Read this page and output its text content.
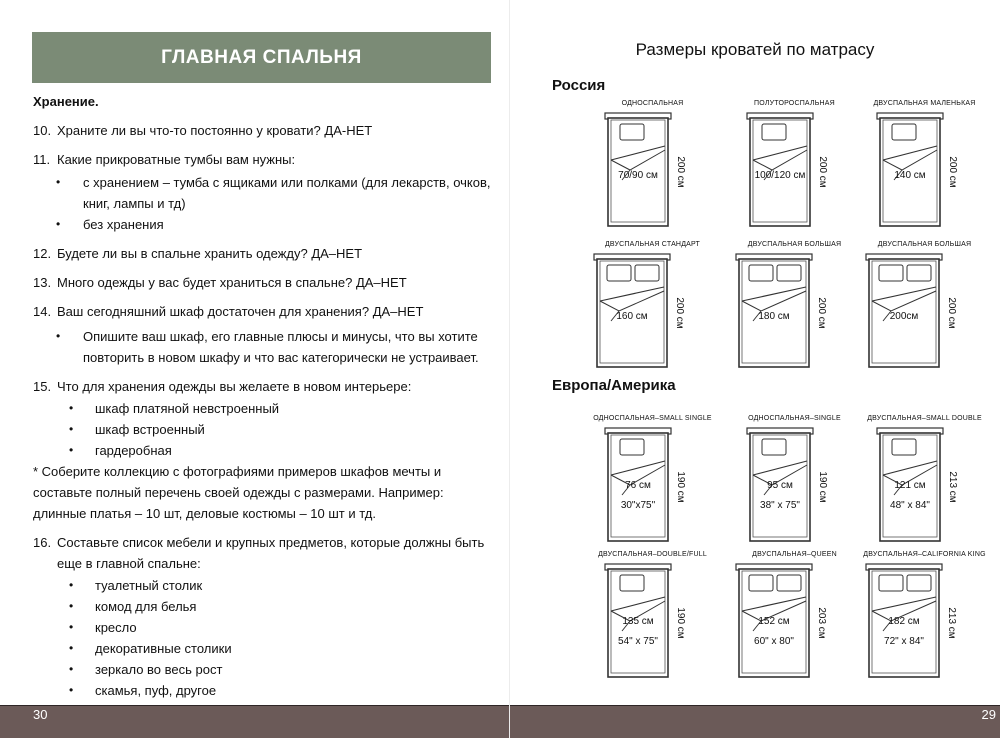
ГЛАВНАЯ СПАЛЬНЯ

Хранение.

10. Храните ли вы что-то постоянно у кровати? ДА-НЕТ

11. Какие прикроватные тумбы вам нужны:

•	с хранением – тумба с ящиками или полками (для лекарств, очков, книг, лампы и тд)
•	без хранения

12. Будете ли вы в спальне хранить одежду? ДА–НЕТ

13. Много одежды у вас будет храниться в спальне? ДА–НЕТ

14. Ваш сегодняшний шкаф достаточен для хранения? ДА–НЕТ

•	Опишите ваш шкаф, его главные плюсы и минусы, что вы хотите повторить в новом шкафу и что вас категорически не устраивает.

15. Что для хранения одежды вы желаете в новом интерьере:

•	шкаф платяной невстроенный
•	шкаф встроенный
•	гардеробная

* Соберите коллекцию с фотографиями примеров шкафов мечты и составьте полный перечень своей одежды с размерами. Например: длинные платья – 10 шт, деловые костюмы – 10 шт и тд.

16. Составьте список мебели и крупных предметов, которые должны быть еще в главной спальне:

•	туалетный столик
•	комод для белья
•	кресло
•	декоративные столики
•	зеркало во весь рост
•	скамья, пуф, другое
30
Размеры кроватей по матрасу
Россия
Европа/Америка
ОДНОСПАЛЬНАЯ
70/90 см 200 см
ПОЛУТОРОСПАЛЬНАЯ
100/120 см 200 см
ДВУСПАЛЬНАЯ МАЛЕНЬКАЯ
140 см 200 см
ДВУСПАЛЬНАЯ СТАНДАРТ
160 см	200 см
ДВУСПАЛЬНАЯ БОЛЬШАЯ
180 см	200 см
ДВУСПАЛЬНАЯ БОЛЬШАЯ
200см	200 см
ОДНОСПАЛЬНАЯ–SMALL SINGLE
76 см
30"x75"
190 см
ОДНОСПАЛЬНАЯ–SINGLE
95 см
38" x 75"
190 см
ДВУСПАЛЬНАЯ–SMALL DOUBLE
121 см
48" x 84"
213 см
ДВУСПАЛЬНАЯ–DOUBLE/FULL
135 см
54" x 75"
190 см
ДВУСПАЛЬНАЯ–QUEEN
152 см
60" x 80"
203 см
ДВУСПАЛЬНАЯ–CALIFORNIA KING
182 см
72" x 84"
213 см
29
